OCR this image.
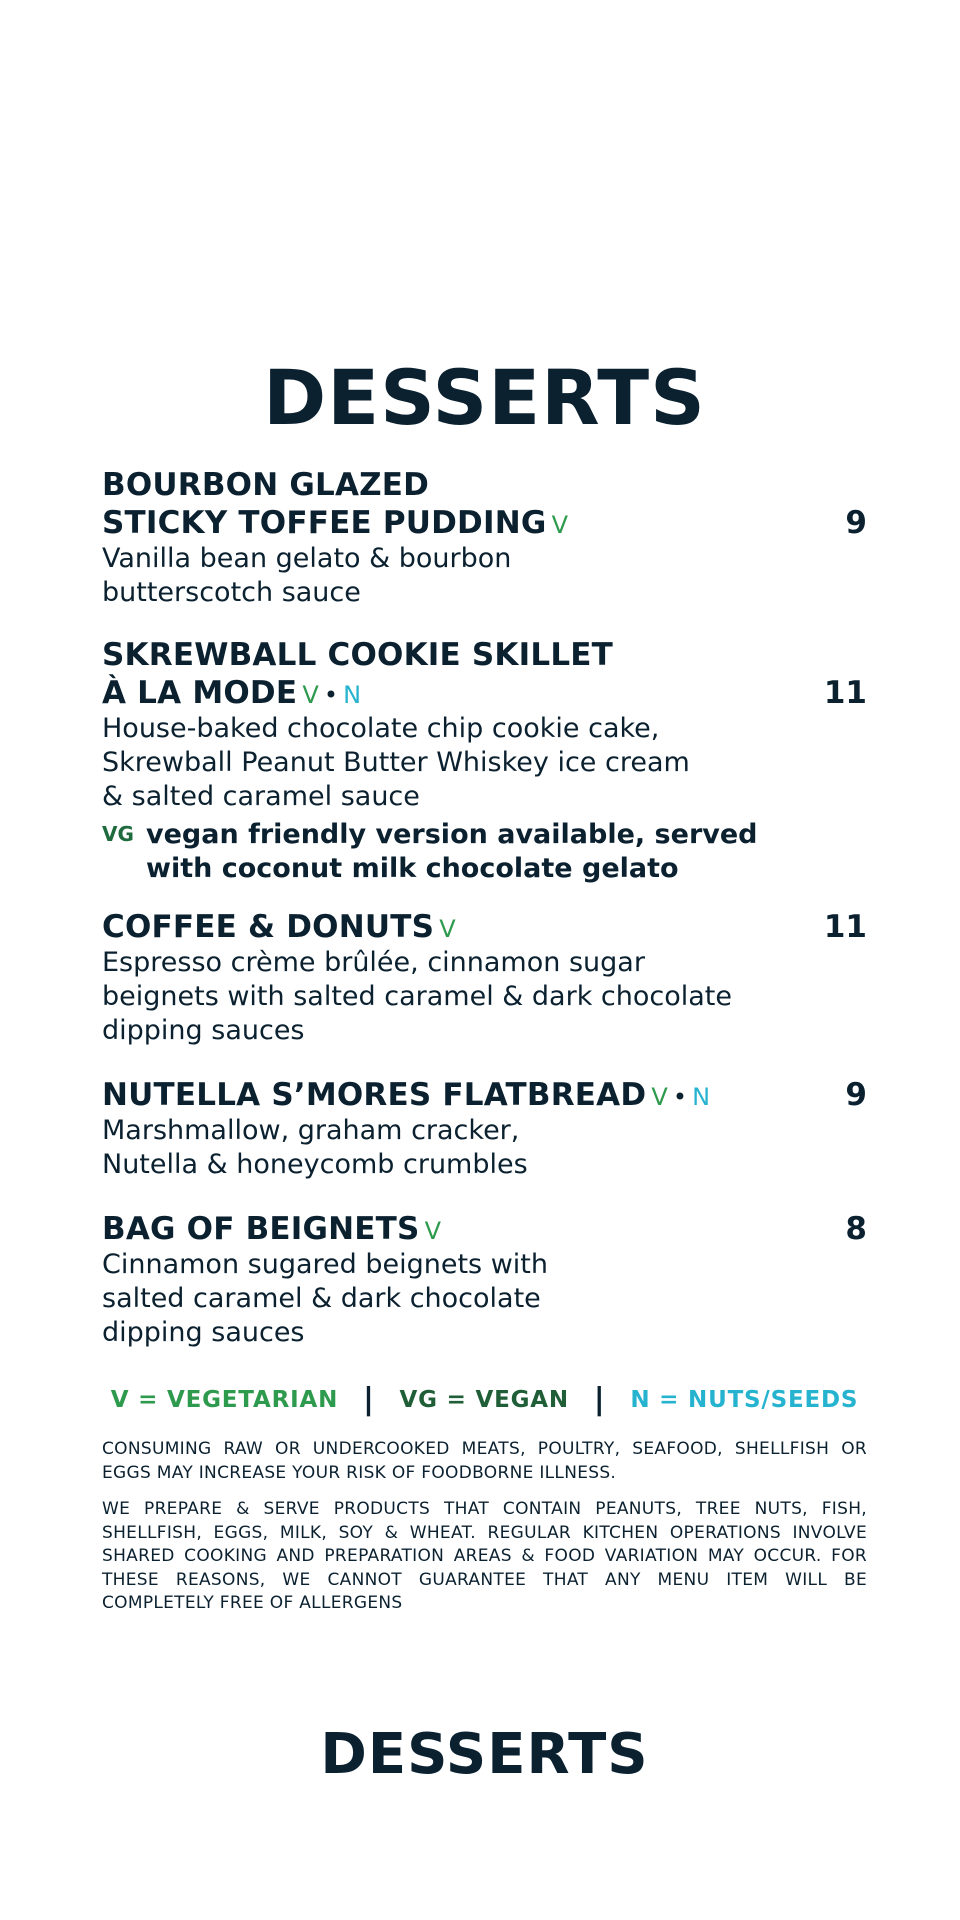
DESSERTS
BOURBON GLAZED
STICKY TOFFEE PUDDING V	9
Vanilla bean gelato & bourbon
butterscotch sauce
SKREWBALL COOKIE SKILLET
À LA MODE V • N	11
House-baked chocolate chip cookie cake,
Skrewball Peanut Butter Whiskey ice cream
& salted caramel sauce
VG vegan friendly version available, served
with coconut milk chocolate gelato
COFFEE & DONUTS V	11
Espresso crème brûlée, cinnamon sugar
beignets with salted caramel & dark chocolate
dipping sauces
NUTELLA S’MORES FLATBREAD V • N	9
Marshmallow, graham cracker,
Nutella & honeycomb crumbles
BAG OF BEIGNETS V	8
Cinnamon sugared beignets with
salted caramel & dark chocolate
dipping sauces
V = VEGETARIAN | VG = VEGAN | N = NUTS/SEEDS

CONSUMING RAW OR UNDERCOOKED MEATS, POULTRY, SEAFOOD, SHELLFISH OR EGGS MAY INCREASE YOUR RISK OF FOODBORNE ILLNESS.

WE PREPARE & SERVE PRODUCTS THAT CONTAIN PEANUTS, TREE NUTS, FISH, SHELLFISH, EGGS, MILK, SOY & WHEAT. REGULAR KITCHEN OPERATIONS INVOLVE SHARED COOKING AND PREPARATION AREAS & FOOD VARIATION MAY OCCUR. FOR THESE REASONS, WE CANNOT GUARANTEE THAT ANY MENU ITEM WILL BE COMPLETELY FREE OF ALLERGENS

DESSERTS
